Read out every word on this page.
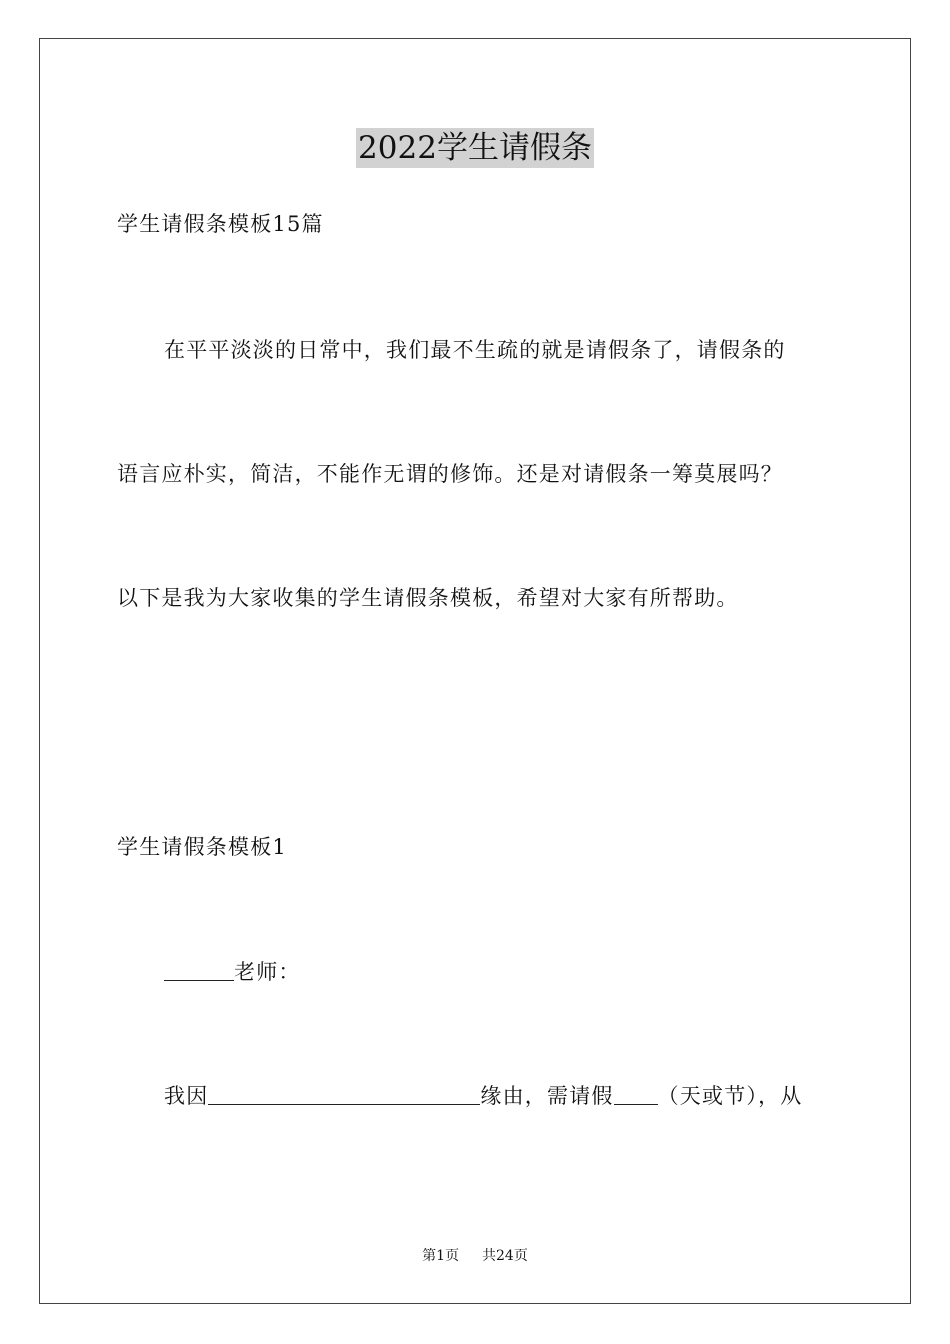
2022学生请假条
学生请假条模板15篇
在平平淡淡的日常中，我们最不生疏的就是请假条了，请假条的
语言应朴实，简洁，不能作无谓的修饰。还是对请假条一筹莫展吗？
以下是我为大家收集的学生请假条模板，希望对大家有所帮助。
学生请假条模板1
老师：
我因	缘由，需请假 （天或节），从
第1页 共24页
